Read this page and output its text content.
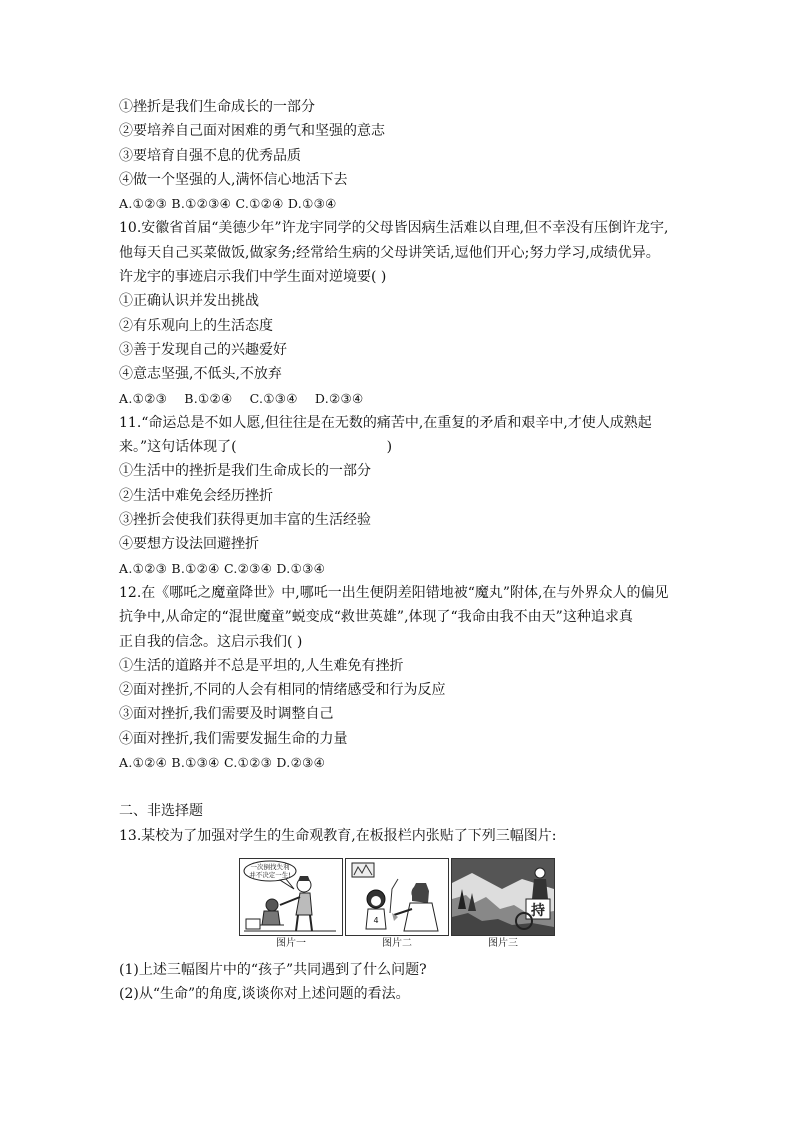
①挫折是我们生命成长的一部分
②要培养自己面对困难的勇气和坚强的意志
③要培育自强不息的优秀品质
④做一个坚强的人,满怀信心地活下去
A.①②③ B.①②③④ C.①②④ D.①③④
10.安徽省首届“美德少年”许龙宇同学的父母皆因病生活难以自理,但不幸没有压倒许龙宇,
他每天自己买菜做饭,做家务;经常给生病的父母讲笑话,逗他们开心;努力学习,成绩优异。
许龙宇的事迹启示我们中学生面对逆境要( )
①正确认识并发出挑战
②有乐观向上的生活态度
③善于发现自己的兴趣爱好
④意志坚强,不低头,不放弃
A.①②③    B.①②④    C.①③④    D.②③④
11.“命运总是不如人愿,但往往是在无数的痛苦中,在重复的矛盾和艰辛中,才使人成熟起
来。”这句话体现了(	)
①生活中的挫折是我们生命成长的一部分
②生活中难免会经历挫折
③挫折会使我们获得更加丰富的生活经验
④要想方设法回避挫折
A.①②③ B.①②④ C.②③④ D.①③④
12.在《哪吒之魔童降世》中,哪吒一出生便阴差阳错地被“魔丸”附体,在与外界众人的偏见
抗争中,从命定的“混世魔童”蜕变成“救世英雄”,体现了“我命由我不由天”这种追求真
正自我的信念。这启示我们( )
①生活的道路并不总是平坦的,人生难免有挫折
②面对挫折,不同的人会有相同的情绪感受和行为反应
③面对挫折,我们需要及时调整自己
④面对挫折,我们需要发掘生命的力量
A.①②④ B.①③④ C.①②③ D.②③④
二、非选择题
13.某校为了加强对学生的生命观教育,在板报栏内张贴了下列三幅图片:
一次倒找失利
并不决定一生!
图片一
4
图片二
持
图片三
(1)上述三幅图片中的“孩子”共同遇到了什么问题?
(2)从“生命”的角度,谈谈你对上述问题的看法。
